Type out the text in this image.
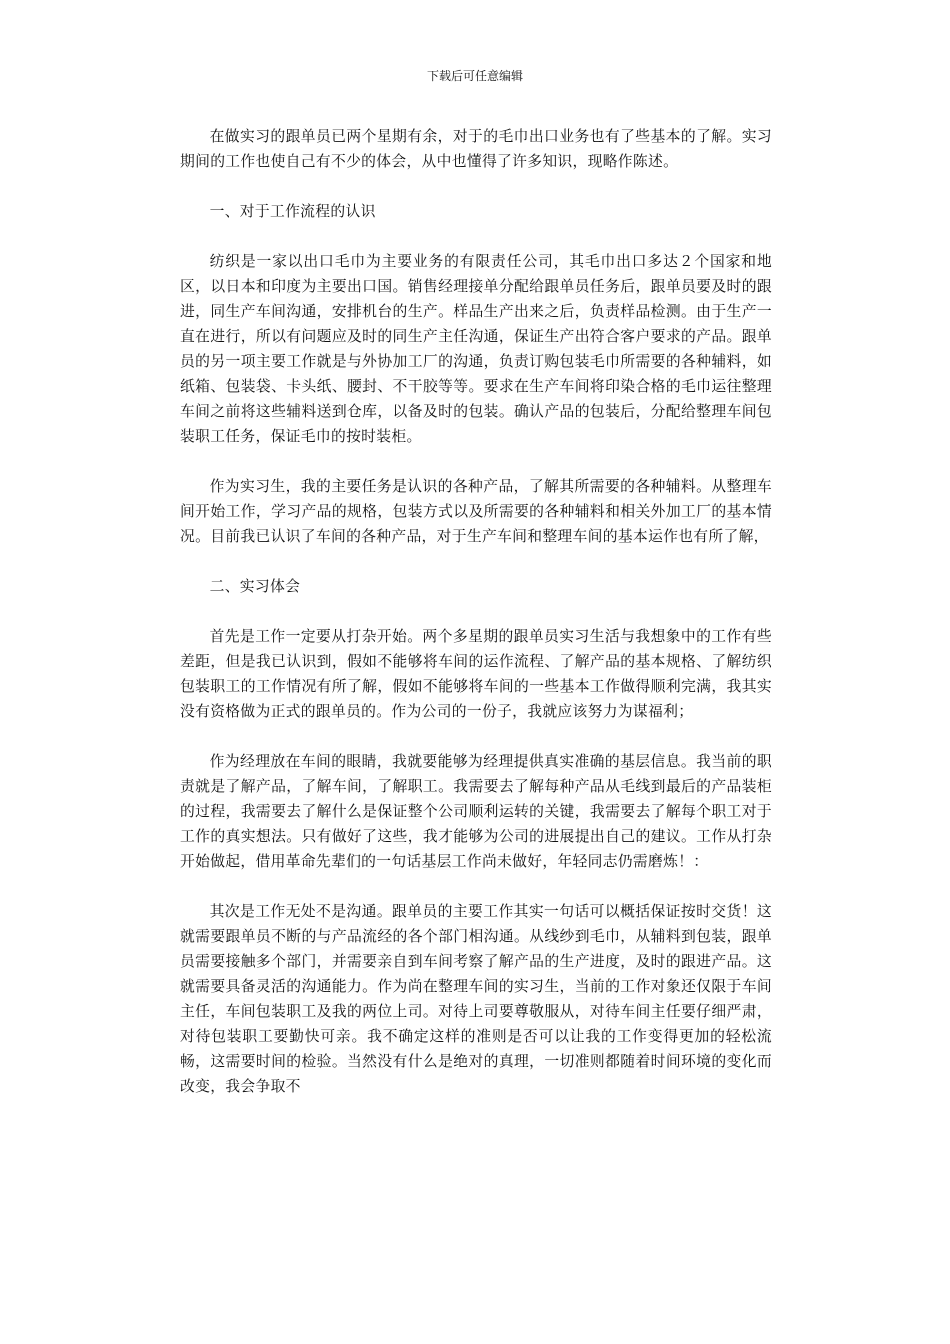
下载后可任意编辑

在做实习的跟单员已两个星期有余，对于的毛巾出口业务也有了些基本的了解。实习期间的工作也使自己有不少的体会，从中也懂得了许多知识，现略作陈述。

一、对于工作流程的认识

纺织是一家以出口毛巾为主要业务的有限责任公司，其毛巾出口多达２个国家和地区，以日本和印度为主要出口国。销售经理接单分配给跟单员任务后，跟单员要及时的跟进，同生产车间沟通，安排机台的生产。样品生产出来之后，负责样品检测。由于生产一直在进行，所以有问题应及时的同生产主任沟通，保证生产出符合客户要求的产品。跟单员的另一项主要工作就是与外协加工厂的沟通，负责订购包装毛巾所需要的各种辅料，如纸箱、包装袋、卡头纸、腰封、不干胶等等。要求在生产车间将印染合格的毛巾运往整理车间之前将这些辅料送到仓库，以备及时的包装。确认产品的包装后，分配给整理车间包装职工任务，保证毛巾的按时装柜。

作为实习生，我的主要任务是认识的各种产品，了解其所需要的各种辅料。从整理车间开始工作，学习产品的规格，包装方式以及所需要的各种辅料和相关外加工厂的基本情况。目前我已认识了车间的各种产品，对于生产车间和整理车间的基本运作也有所了解，

二、实习体会

首先是工作一定要从打杂开始。两个多星期的跟单员实习生活与我想象中的工作有些差距，但是我已认识到，假如不能够将车间的运作流程、了解产品的基本规格、了解纺织包装职工的工作情况有所了解，假如不能够将车间的一些基本工作做得顺利完满，我其实没有资格做为正式的跟单员的。作为公司的一份子，我就应该努力为谋福利；

作为经理放在车间的眼睛，我就要能够为经理提供真实准确的基层信息。我当前的职责就是了解产品，了解车间，了解职工。我需要去了解每种产品从毛线到最后的产品装柜的过程，我需要去了解什么是保证整个公司顺利运转的关键，我需要去了解每个职工对于工作的真实想法。只有做好了这些，我才能够为公司的进展提出自己的建议。工作从打杂开始做起，借用革命先辈们的一句话基层工作尚未做好，年轻同志仍需磨炼！：

其次是工作无处不是沟通。跟单员的主要工作其实一句话可以概括保证按时交货！这就需要跟单员不断的与产品流经的各个部门相沟通。从线纱到毛巾，从辅料到包装，跟单员需要接触多个部门，并需要亲自到车间考察了解产品的生产进度，及时的跟进产品。这就需要具备灵活的沟通能力。作为尚在整理车间的实习生，当前的工作对象还仅限于车间主任，车间包装职工及我的两位上司。对待上司要尊敬服从，对待车间主任要仔细严肃，对待包装职工要勤快可亲。我不确定这样的准则是否可以让我的工作变得更加的轻松流畅，这需要时间的检验。当然没有什么是绝对的真理，一切准则都随着时间环境的变化而改变，我会争取不
